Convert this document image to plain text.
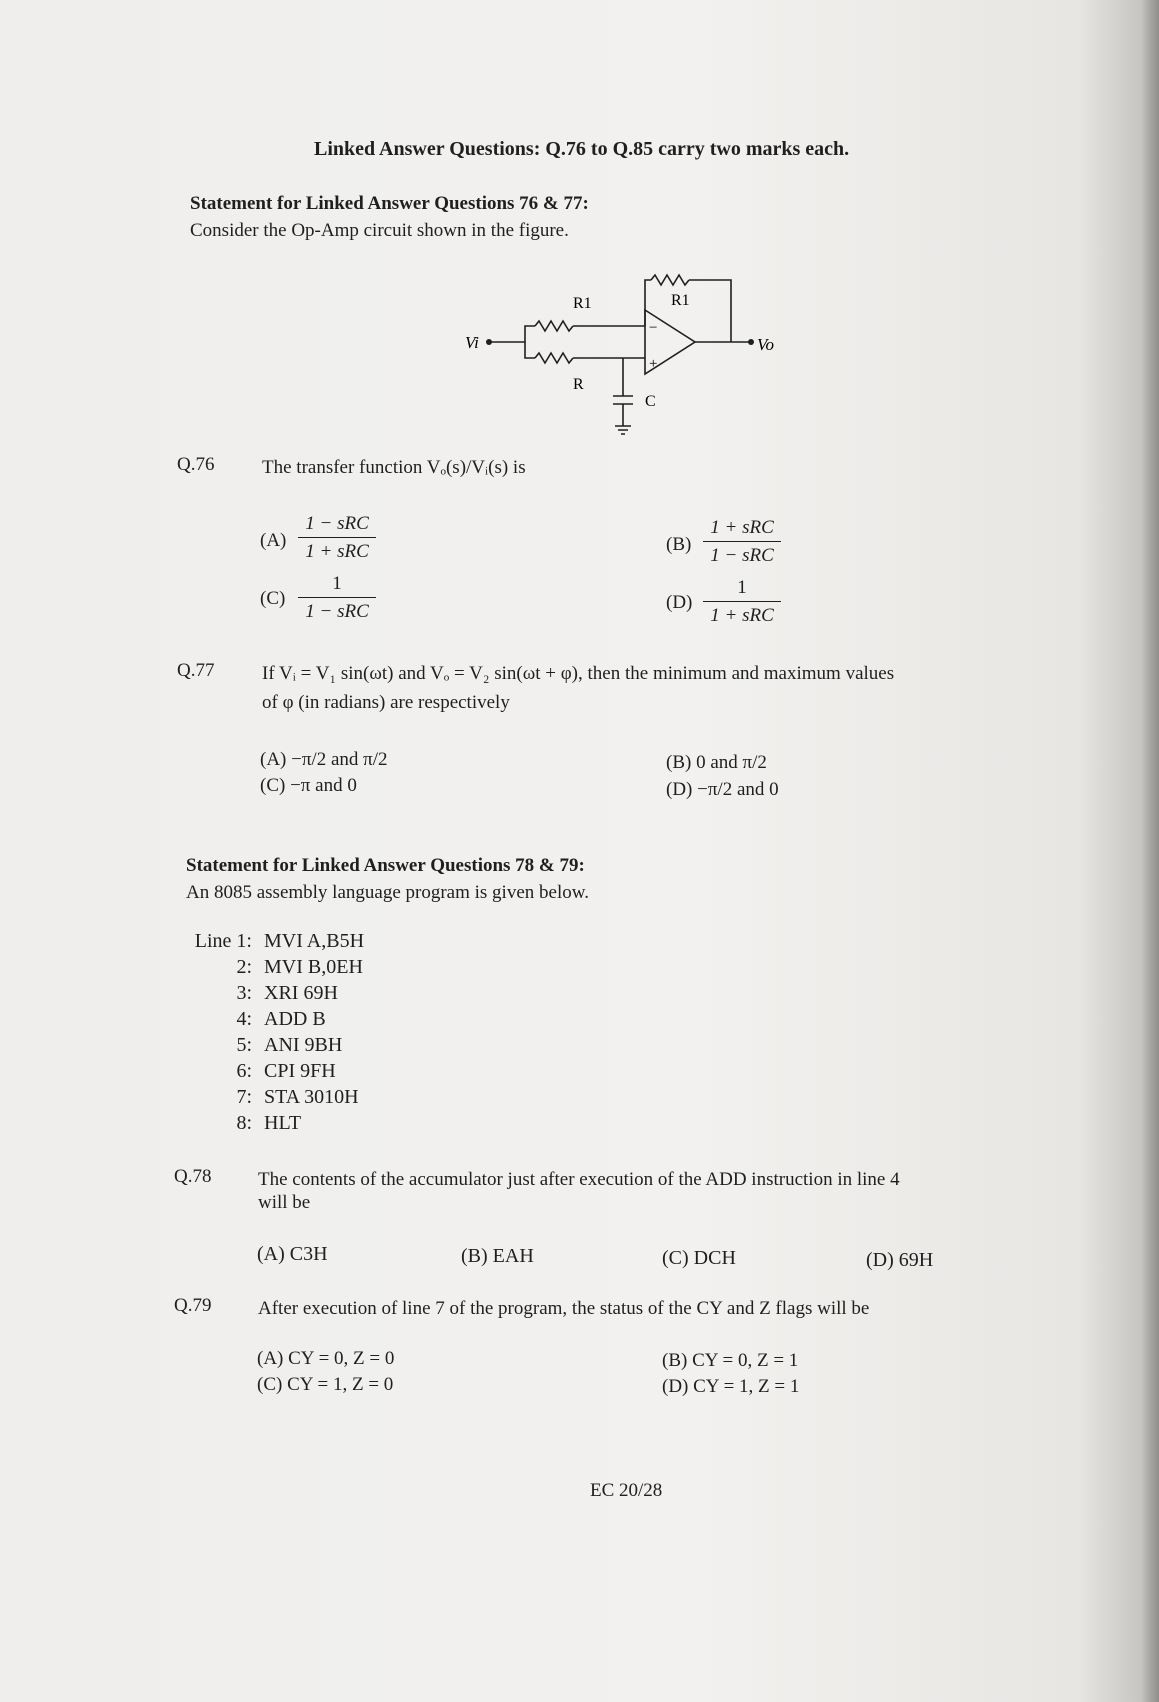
Linked Answer Questions: Q.76 to Q.85 carry two marks each.
Statement for Linked Answer Questions 76 & 77:
Consider the Op-Amp circuit shown in the figure.
Vi	Vo
R1	R1
R
C
−
+
Q.76	The transfer function Vₒ(s)/Vᵢ(s) is
(A)
1 − sRC
1 + sRC	(B)
1 + sRC
1 − sRC
(C)
1
1 − sRC	(D)
1
1 + sRC
Q.77	If Vᵢ = V₁ sin(ωt) and Vₒ = V₂ sin(ωt + φ), then the minimum and maximum values
of φ (in radians) are respectively
(A) −π/2 and π/2	(B) 0 and π/2
(C) −π and 0	(D) −π/2 and 0
Statement for Linked Answer Questions 78 & 79:
An 8085 assembly language program is given below.
Line 1: MVI A,B5H
2: MVI B,0EH
3: XRI 69H
4: ADD B
5: ANI 9BH
6: CPI 9FH
7: STA 3010H
8: HLT
Q.78 The contents of the accumulator just after execution of the ADD instruction in line 4
will be
(A) C3H	(B) EAH	(C) DCH	(D) 69H
Q.79 After execution of line 7 of the program, the status of the CY and Z flags will be
(A) CY = 0, Z = 0	(B) CY = 0, Z = 1
(C) CY = 1, Z = 0	(D) CY = 1, Z = 1
EC 20/28
